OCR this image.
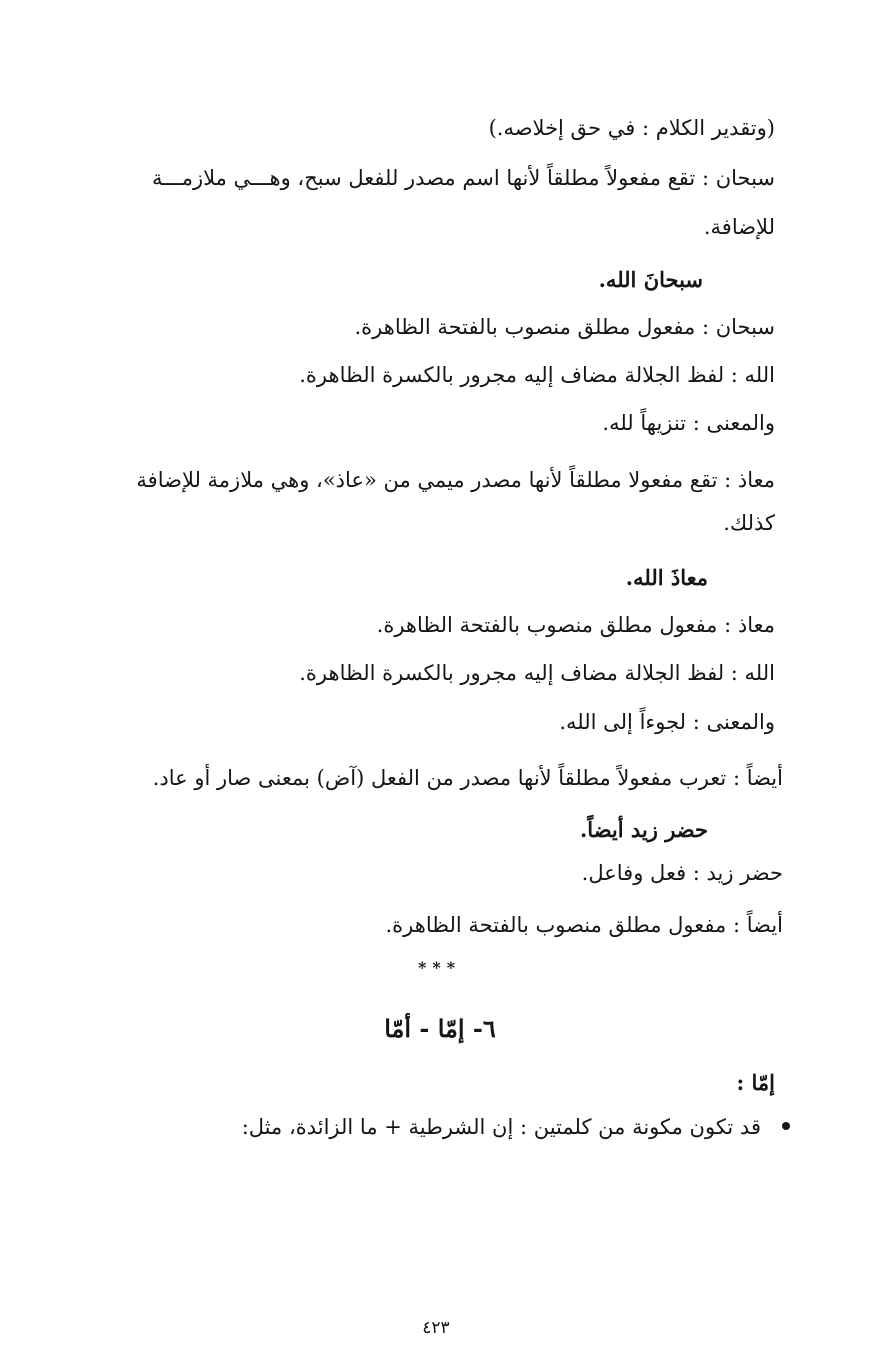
(وتقدير الكلام : في حق إخلاصه.)
سبحان : تقع مفعولاً مطلقاً لأنها اسم مصدر للفعل سبح، وهـــي ملازمـــة
للإضافة.
سبحانَ الله.
سبحان : مفعول مطلق منصوب بالفتحة الظاهرة.
الله : لفظ الجلالة مضاف إليه مجرور بالكسرة الظاهرة.
والمعنى : تنزيهاً لله.
معاذ : تقع مفعولا مطلقاً لأنها مصدر ميمي من «عاذ»، وهي ملازمة للإضافة
كذلك.
معاذَ الله.
معاذ : مفعول مطلق منصوب بالفتحة الظاهرة.
الله : لفظ الجلالة مضاف إليه مجرور بالكسرة الظاهرة.
والمعنى : لجوءاً إلى الله.
أيضاً : تعرب مفعولاً مطلقاً لأنها مصدر من الفعل (آض) بمعنى صار أو عاد.
حضر زيد أيضاً.
حضر زيد : فعل وفاعل.
أيضاً : مفعول مطلق منصوب بالفتحة الظاهرة.
***
٦- إمّا - أمّا
إمّا :
قد تكون مكونة من كلمتين : إن الشرطية + ما الزائدة، مثل:
٤٢٣
